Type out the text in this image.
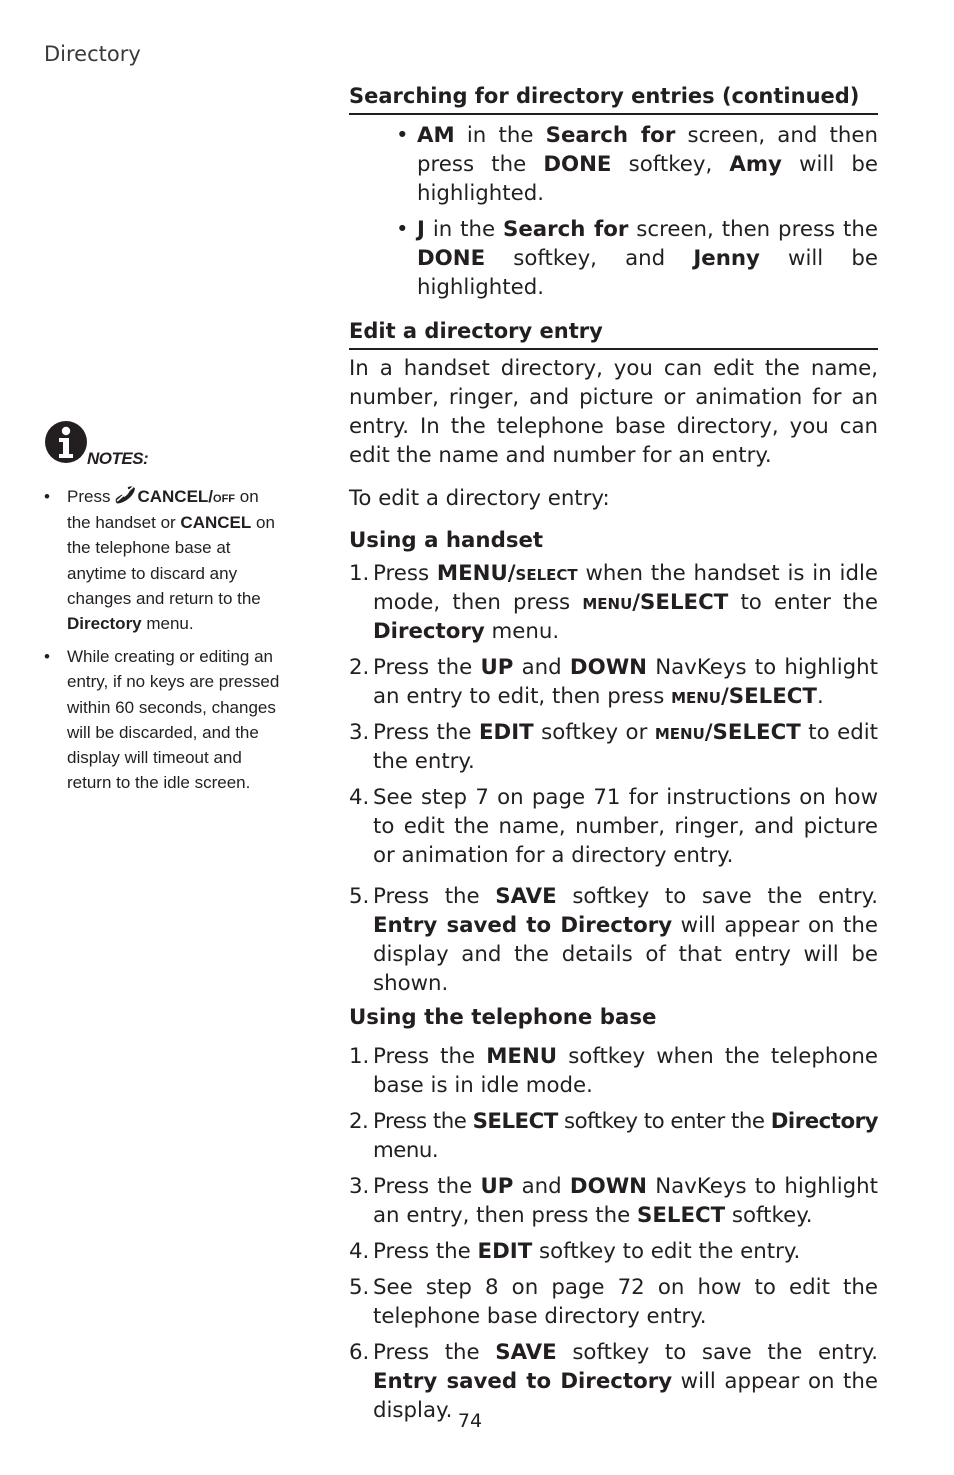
Directory
NOTES:
• Press CANCEL/off on the handset or CANCEL on the telephone base at anytime to discard any changes and return to the Directory menu.
• While creating or editing an entry, if no keys are pressed within 60 seconds, changes will be discarded, and the display will timeout and return to the idle screen.
Searching for directory entries (continued)
• AM in the Search for screen, and then press the DONE softkey, Amy will be highlighted.
• J in the Search for screen, then press the DONE softkey, and Jenny will be highlighted.
Edit a directory entry

In a handset directory, you can edit the name, number, ringer, and picture or animation for an entry. In the telephone base directory, you can edit the name and number for an entry.

To edit a directory entry:

Using a handset

1. Press MENU/select when the handset is in idle mode, then press menu/SELECT to enter the Directory menu.
2. Press the UP and DOWN NavKeys to highlight an entry to edit, then press menu/SELECT.
3. Press the EDIT softkey or menu/SELECT to edit the entry.
4. See step 7 on page 71 for instructions on how to edit the name, number, ringer, and picture or animation for a directory entry.
5. Press the SAVE softkey to save the entry. Entry saved to Directory will appear on the display and the details of that entry will be shown.

Using the telephone base

1. Press the MENU softkey when the telephone base is in idle mode.
2. Press the SELECT softkey to enter the Directory menu.
3. Press the UP and DOWN NavKeys to highlight an entry, then press the SELECT softkey.
4. Press the EDIT softkey to edit the entry.
5. See step 8 on page 72 on how to edit the telephone base directory entry.
6. Press the SAVE softkey to save the entry. Entry saved to Directory will appear on the display. 74
